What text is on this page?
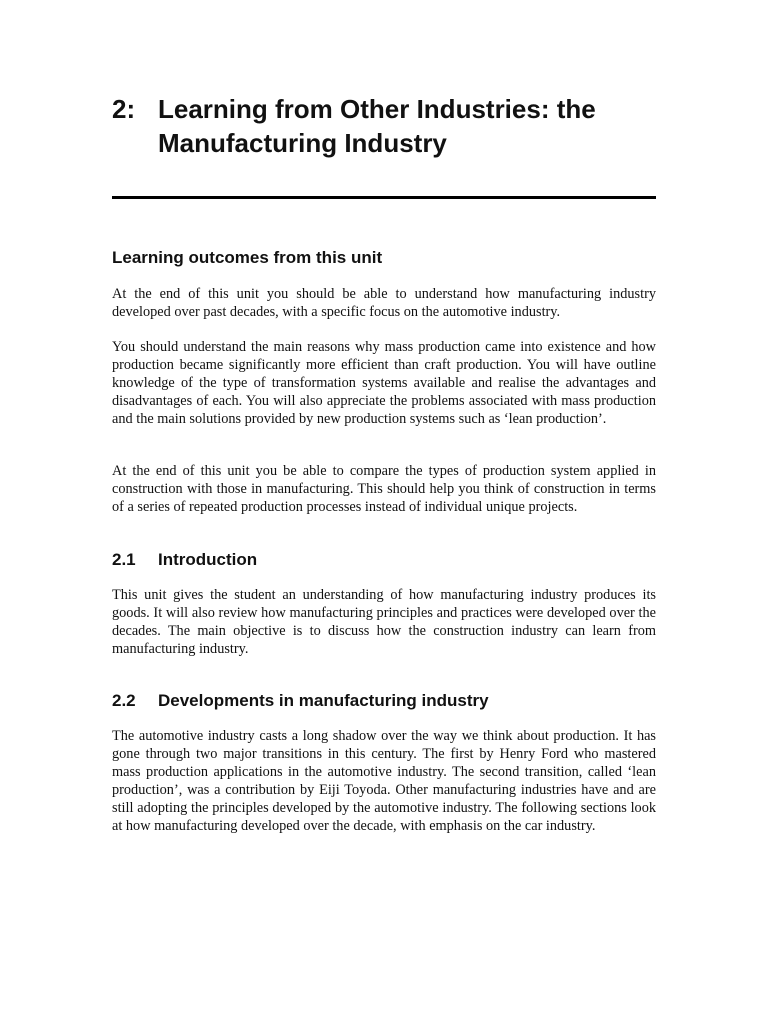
2: Learning from Other Industries: the Manufacturing Industry
Learning outcomes from this unit

At the end of this unit you should be able to understand how manufacturing industry developed over past decades, with a specific focus on the automotive industry.

You should understand the main reasons why mass production came into existence and how production became significantly more efficient than craft production. You will have outline knowledge of the type of transformation systems available and realise the advantages and disadvantages of each. You will also appreciate the problems associated with mass production and the main solutions provided by new production systems such as ‘lean production’.

At the end of this unit you be able to compare the types of production system applied in construction with those in manufacturing. This should help you think of construction in terms of a series of repeated production processes instead of individual unique projects.

2.1	Introduction

This unit gives the student an understanding of how manufacturing industry produces its goods. It will also review how manufacturing principles and practices were developed over the decades. The main objective is to discuss how the construction industry can learn from manufacturing industry.

2.2	Developments in manufacturing industry

The automotive industry casts a long shadow over the way we think about production. It has gone through two major transitions in this century. The first by Henry Ford who mastered mass production applications in the automotive industry. The second transition, called ‘lean production’, was a contribution by Eiji Toyoda. Other manufacturing industries have and are still adopting the principles developed by the automotive industry. The following sections look at how manufacturing developed over the decade, with emphasis on the car industry.
